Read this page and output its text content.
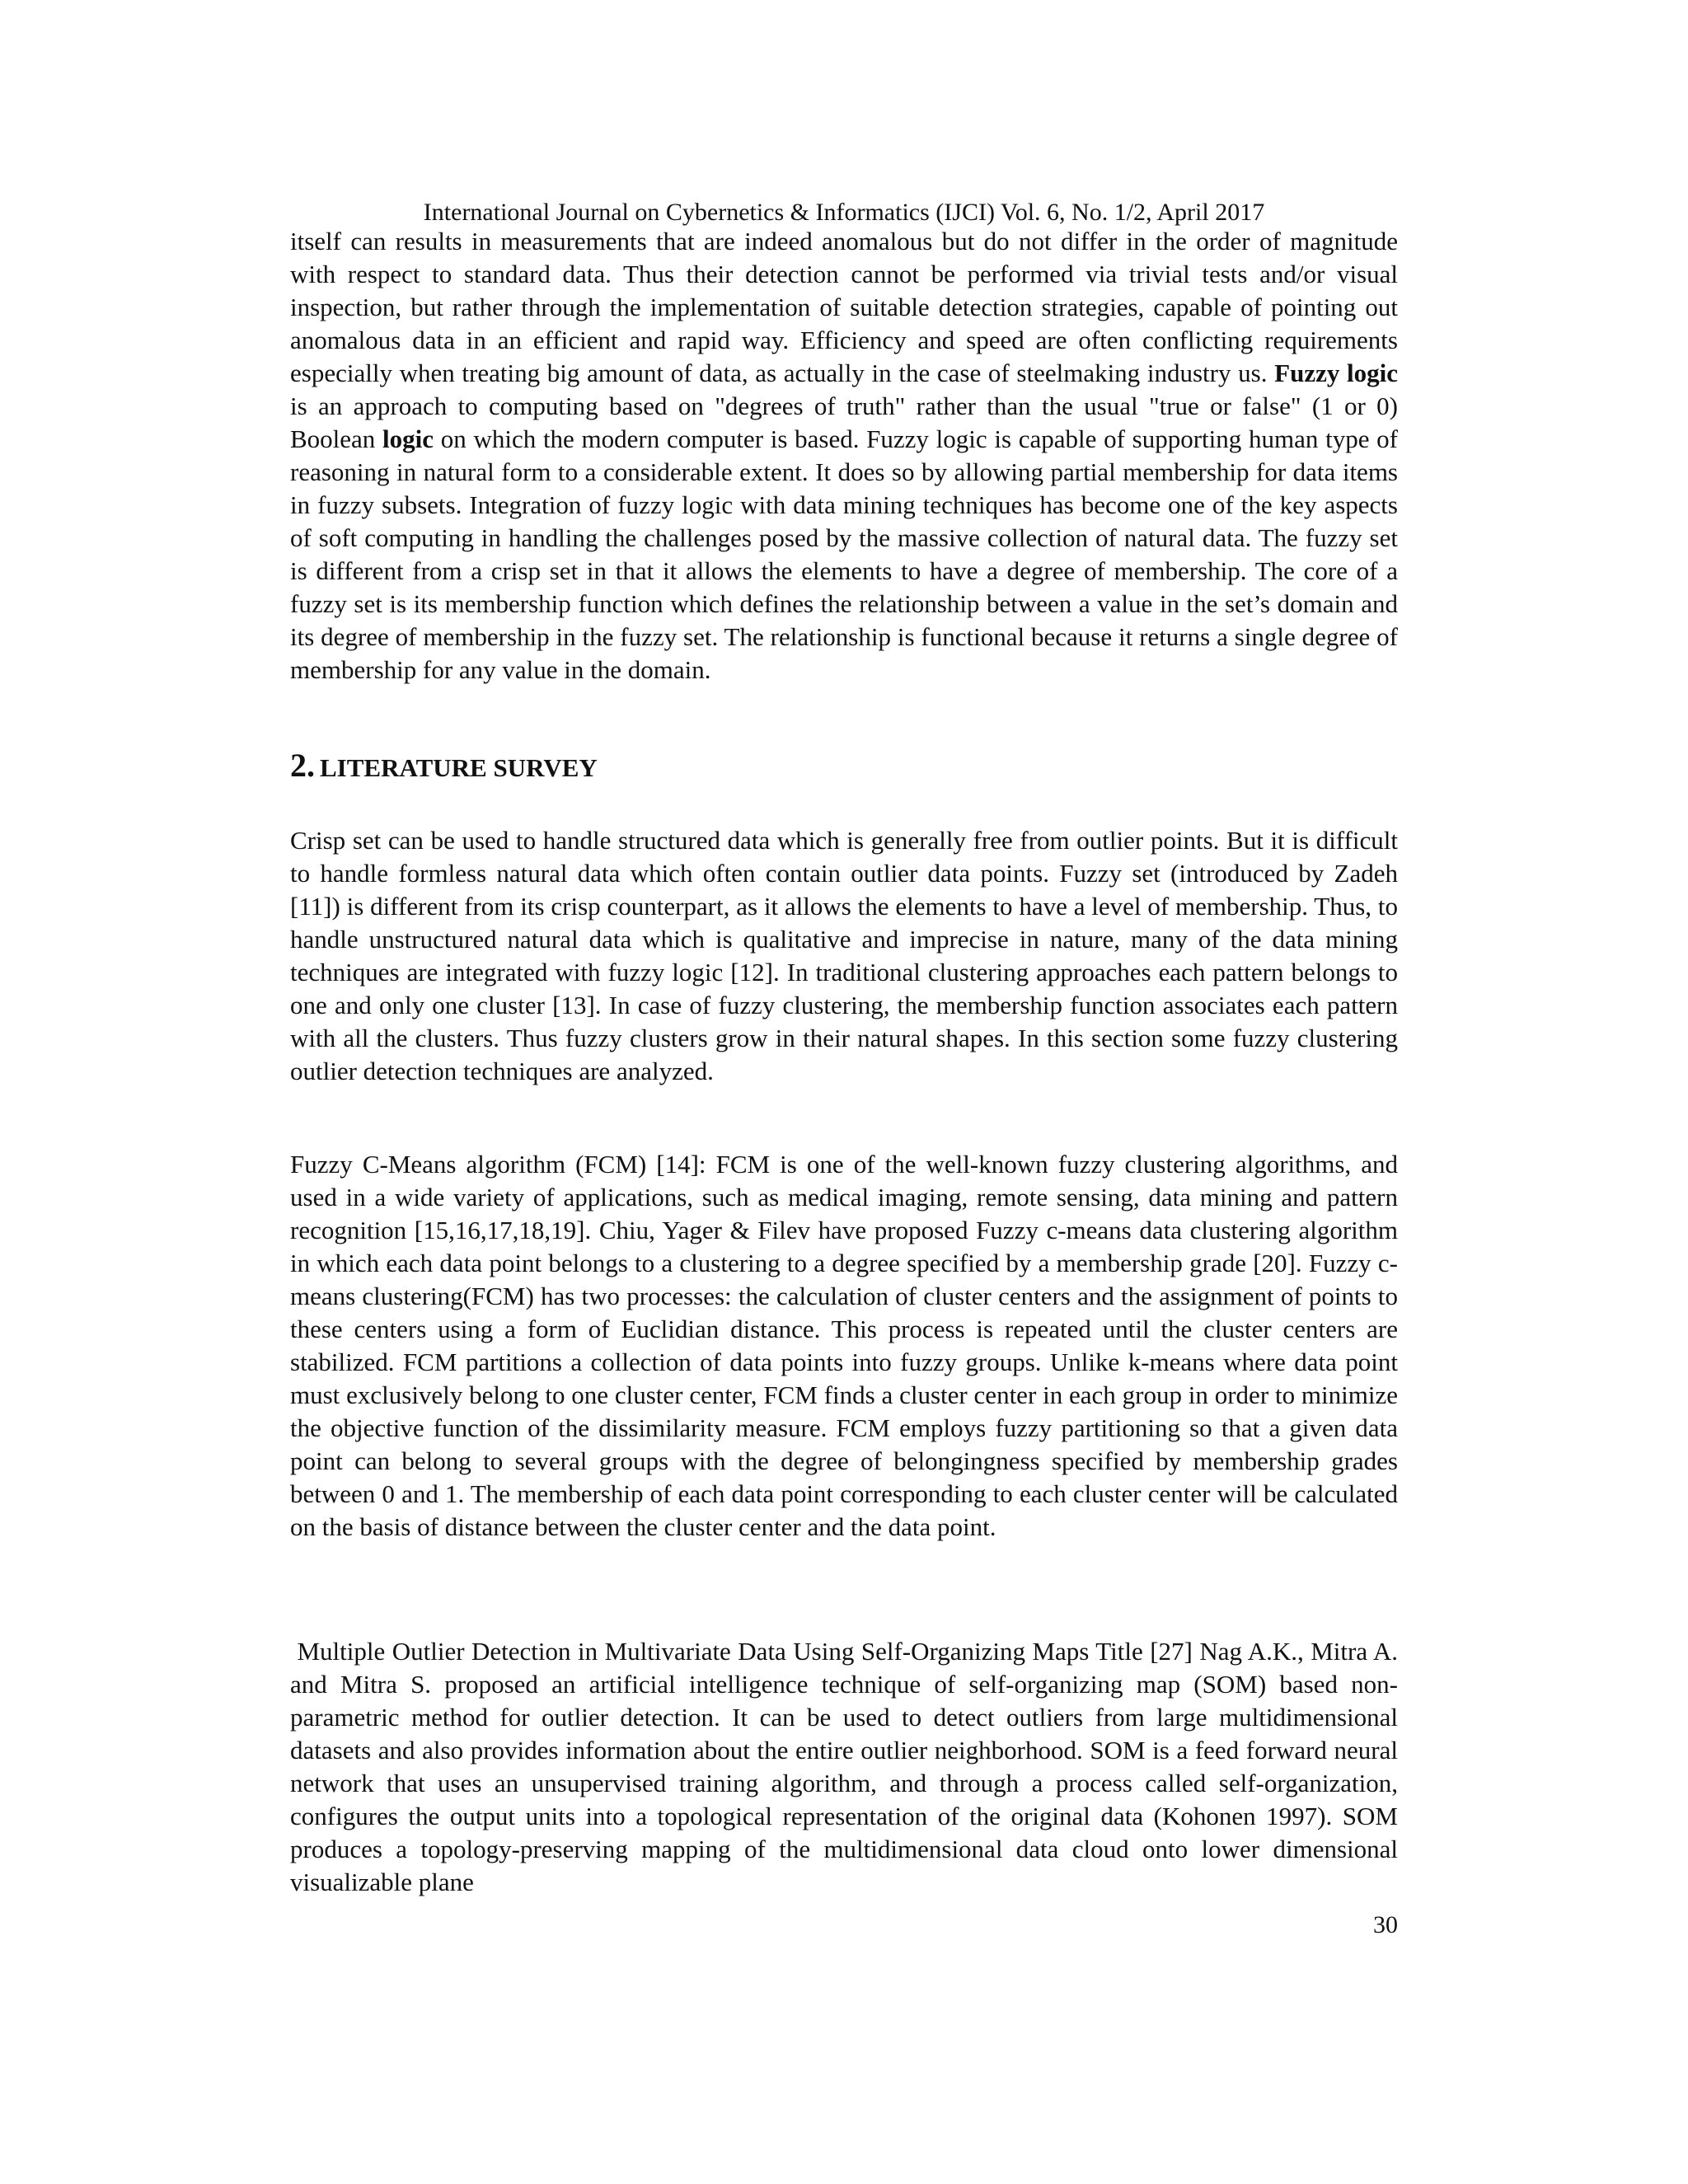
International Journal on Cybernetics & Informatics (IJCI) Vol. 6, No. 1/2, April 2017

itself can results in measurements that are indeed anomalous but do not differ in the order of magnitude with respect to standard data. Thus their detection cannot be performed via trivial tests and/or visual inspection, but rather through the implementation of suitable detection strategies, capable of pointing out anomalous data in an efficient and rapid way. Efficiency and speed are often conflicting requirements especially when treating big amount of data, as actually in the case of steelmaking industry us. Fuzzy logic is an approach to computing based on "degrees of truth" rather than the usual "true or false" (1 or 0) Boolean logic on which the modern computer is based. Fuzzy logic is capable of supporting human type of reasoning in natural form to a considerable extent. It does so by allowing partial membership for data items in fuzzy subsets. Integration of fuzzy logic with data mining techniques has become one of the key aspects of soft computing in handling the challenges posed by the massive collection of natural data. The fuzzy set is different from a crisp set in that it allows the elements to have a degree of membership. The core of a fuzzy set is its membership function which defines the relationship between a value in the set’s domain and its degree of membership in the fuzzy set. The relationship is functional because it returns a single degree of membership for any value in the domain.

2. LITERATURE SURVEY

Crisp set can be used to handle structured data which is generally free from outlier points. But it is difficult to handle formless natural data which often contain outlier data points. Fuzzy set (introduced by Zadeh [11]) is different from its crisp counterpart, as it allows the elements to have a level of membership. Thus, to handle unstructured natural data which is qualitative and imprecise in nature, many of the data mining techniques are integrated with fuzzy logic [12]. In traditional clustering approaches each pattern belongs to one and only one cluster [13]. In case of fuzzy clustering, the membership function associates each pattern with all the clusters. Thus fuzzy clusters grow in their natural shapes. In this section some fuzzy clustering outlier detection techniques are analyzed.

Fuzzy C-Means algorithm (FCM) [14]: FCM is one of the well-known fuzzy clustering algorithms, and used in a wide variety of applications, such as medical imaging, remote sensing, data mining and pattern recognition [15,16,17,18,19]. Chiu, Yager & Filev have proposed Fuzzy c-means data clustering algorithm in which each data point belongs to a clustering to a degree specified by a membership grade [20]. Fuzzy c-means clustering(FCM) has two processes: the calculation of cluster centers and the assignment of points to these centers using a form of Euclidian distance. This process is repeated until the cluster centers are stabilized. FCM partitions a collection of data points into fuzzy groups. Unlike k-means where data point must exclusively belong to one cluster center, FCM finds a cluster center in each group in order to minimize the objective function of the dissimilarity measure. FCM employs fuzzy partitioning so that a given data point can belong to several groups with the degree of belongingness specified by membership grades between 0 and 1. The membership of each data point corresponding to each cluster center will be calculated on the basis of distance between the cluster center and the data point.

Multiple Outlier Detection in Multivariate Data Using Self-Organizing Maps Title [27] Nag A.K., Mitra A. and Mitra S. proposed an artificial intelligence technique of self-organizing map (SOM) based non-parametric method for outlier detection. It can be used to detect outliers from large multidimensional datasets and also provides information about the entire outlier neighborhood. SOM is a feed forward neural network that uses an unsupervised training algorithm, and through a process called self-organization, configures the output units into a topological representation of the original data (Kohonen 1997). SOM produces a topology-preserving mapping of the multidimensional data cloud onto lower dimensional visualizable plane

30
